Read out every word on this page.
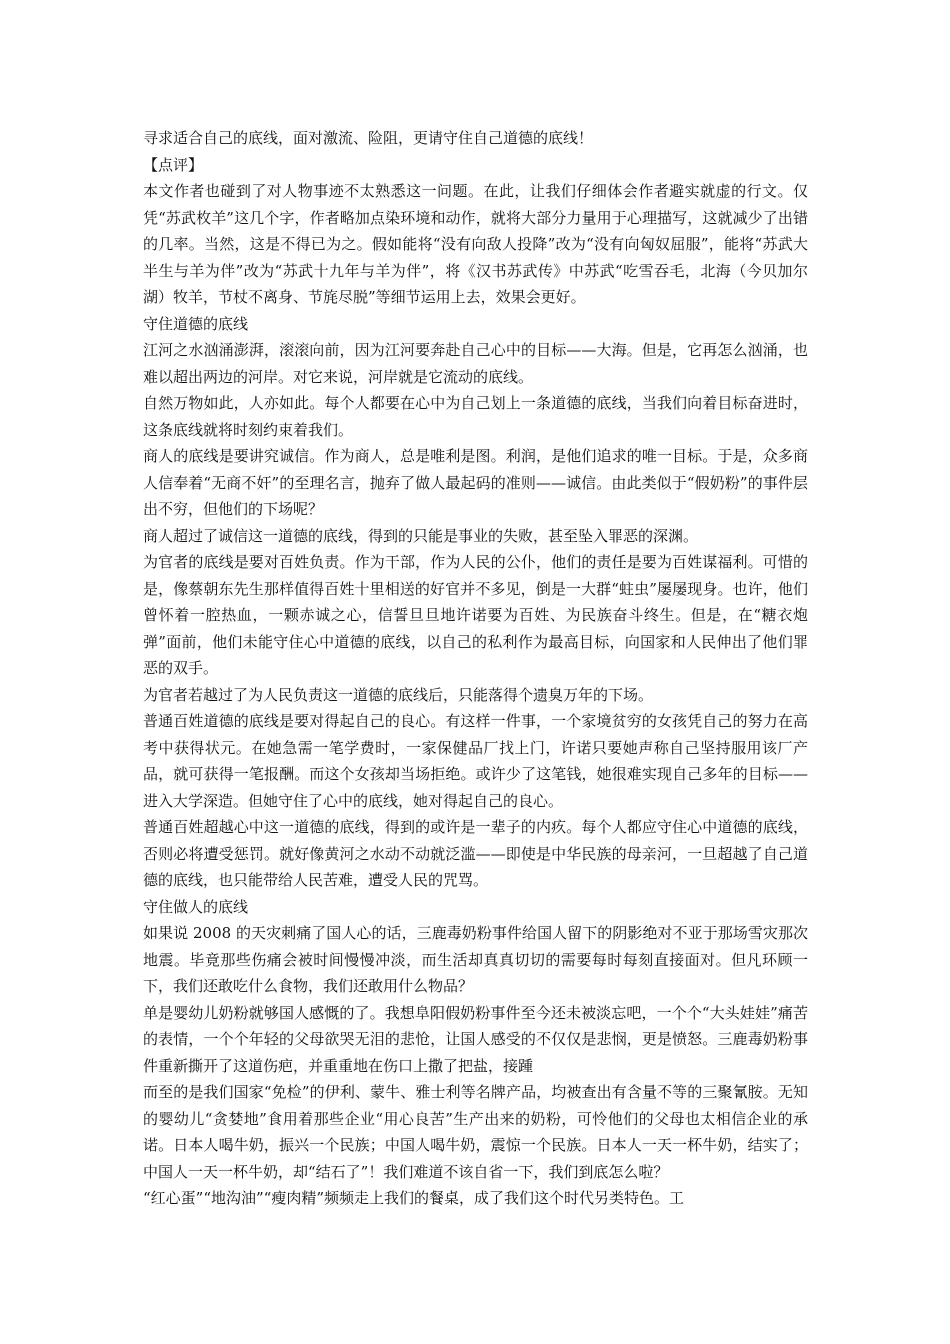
寻求适合自己的底线，面对激流、险阻，更请守住自己道德的底线！

【点评】

本文作者也碰到了对人物事迹不太熟悉这一问题。在此，让我们仔细体会作者避实就虚的行文。仅凭“苏武枚羊”这几个字，作者略加点染环境和动作，就将大部分力量用于心理描写，这就减少了出错的几率。当然，这是不得已为之。假如能将“没有向敌人投降”改为“没有向匈奴屈服”，能将“苏武大半生与羊为伴”改为“苏武十九年与羊为伴”，将《汉书苏武传》中苏武“吃雪吞毛，北海（今贝加尔湖）牧羊，节杖不离身、节旄尽脱”等细节运用上去，效果会更好。

守住道德的底线

江河之水汹涌澎湃，滚滚向前，因为江河要奔赴自己心中的目标——大海。但是，它再怎么汹涌，也难以超出两边的河岸。对它来说，河岸就是它流动的底线。

自然万物如此，人亦如此。每个人都要在心中为自己划上一条道德的底线，当我们向着目标奋进时，这条底线就将时刻约束着我们。

商人的底线是要讲究诚信。作为商人，总是唯利是图。利润，是他们追求的唯一目标。于是，众多商人信奉着“无商不奸”的至理名言，抛弃了做人最起码的准则——诚信。由此类似于“假奶粉”的事件层出不穷，但他们的下场呢？

商人超过了诚信这一道德的底线，得到的只能是事业的失败，甚至坠入罪恶的深渊。

为官者的底线是要对百姓负责。作为干部，作为人民的公仆，他们的责任是要为百姓谋福利。可惜的是，像蔡朝东先生那样值得百姓十里相送的好官并不多见，倒是一大群“蛀虫”屡屡现身。也许，他们曾怀着一腔热血，一颗赤诚之心，信誓旦旦地许诺要为百姓、为民族奋斗终生。但是，在“糖衣炮弹”面前，他们未能守住心中道德的底线，以自己的私利作为最高目标，向国家和人民伸出了他们罪恶的双手。

为官者若越过了为人民负责这一道德的底线后，只能落得个遗臭万年的下场。

普通百姓道德的底线是要对得起自己的良心。有这样一件事，一个家境贫穷的女孩凭自己的努力在高考中获得状元。在她急需一笔学费时，一家保健品厂找上门，许诺只要她声称自己坚持服用该厂产品，就可获得一笔报酬。而这个女孩却当场拒绝。或许少了这笔钱，她很难实现自己多年的目标——进入大学深造。但她守住了心中的底线，她对得起自己的良心。

普通百姓超越心中这一道德的底线，得到的或许是一辈子的内疚。每个人都应守住心中道德的底线，否则必将遭受惩罚。就好像黄河之水动不动就泛滥——即使是中华民族的母亲河，一旦超越了自己道德的底线，也只能带给人民苦难，遭受人民的咒骂。

守住做人的底线

如果说 2008 的天灾刺痛了国人心的话，三鹿毒奶粉事件给国人留下的阴影绝对不亚于那场雪灾那次地震。毕竟那些伤痛会被时间慢慢冲淡，而生活却真真切切的需要每时每刻直接面对。但凡环顾一下，我们还敢吃什么食物，我们还敢用什么物品？

单是婴幼儿奶粉就够国人感慨的了。我想阜阳假奶粉事件至今还未被淡忘吧，一个个“大头娃娃”痛苦的表情，一个个年轻的父母欲哭无泪的悲怆，让国人感受的不仅仅是悲悯，更是愤怒。三鹿毒奶粉事件重新撕开了这道伤疤，并重重地在伤口上撒了把盐，接踵

而至的是我们国家“免检”的伊利、蒙牛、雅士利等名牌产品，均被查出有含量不等的三聚氰胺。无知的婴幼儿“贪婪地”食用着那些企业“用心良苦”生产出来的奶粉，可怜他们的父母也太相信企业的承诺。日本人喝牛奶，振兴一个民族；中国人喝牛奶，震惊一个民族。日本人一天一杯牛奶，结实了；中国人一天一杯牛奶，却“结石了”！我们难道不该自省一下，我们到底怎么啦？

“红心蛋”“地沟油”“瘦肉精”频频走上我们的餐桌，成了我们这个时代另类特色。工
